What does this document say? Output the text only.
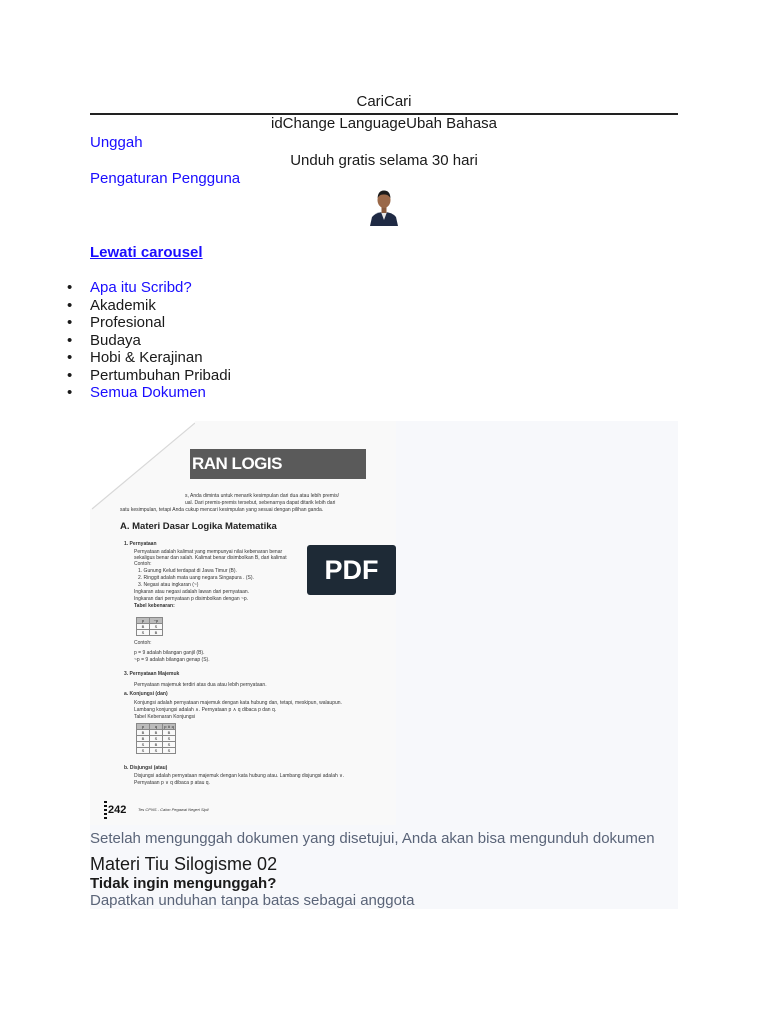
CariCari
idChange LanguageUbah Bahasa
Unggah
Unduh gratis selama 30 hari
Pengaturan Pengguna
Lewati carousel
• Apa itu Scribd?
• Akademik
• Profesional
• Budaya
• Hobi & Kerajinan
• Pertumbuhan Pribadi
• Semua Dokumen
RAN LOGIS
s, Anda diminta untuk menarik kesimpulan dari dua atau lebih premis/
ual. Dari premis-premis tersebut, sebenarnya dapat ditarik lebih dari
satu kesimpulan, tetapi Anda cukup mencari kesimpulan yang sesuai dengan pilihan ganda.
A. Materi Dasar Logika Matematika
1. Pernyataan
Pernyataan adalah kalimat yang mempunyai nilai kebenaran benar
sekaligus benar dan salah. Kalimat benar disimbolkan B, dari kalimat
Contoh:
1. Gunung Kelud terdapat di Jawa Timur (B).
2. Ringgit adalah mata uang negara Singapura . (S).
3. Negasi atau ingkaran (~)
Ingkaran atau negasi adalah lawan dari pernyataan.
Ingkaran dari pernyataan p disimbolkan dengan ~p.
Tabel kebenaran:
p	~p
B	S
S	B
Contoh:
p = 9 adalah bilangan ganjil (B).
~p = 9 adalah bilangan genap (S).
3. Pernyataan Majemuk
Pernyataan majemuk terdiri atas dua atau lebih pernyataan.
a. Konjungsi (dan)
Konjungsi adalah pernyataan majemuk dengan kata hubung dan, tetapi, meskipun, walaupun.
Lambang konjungsi adalah ∧. Pernyataan p ∧ q dibaca p dan q.
Tabel Kebenaran Konjungsi
p	q	p ∧ q
B	B	B
B	S	S
S	B	S
S	S	S
b. Disjungsi (atau)
Disjungsi adalah pernyataan majemuk dengan kata hubung atau. Lambang disjungsi adalah ∨.
Pernyataan p ∨ q dibaca p atau q.
242	Tes CPNS - Calon Pegawai Negeri Sipil
PDF
Setelah mengunggah dokumen yang disetujui, Anda akan bisa mengunduh dokumen
Materi Tiu Silogisme 02
Tidak ingin mengunggah?
Dapatkan unduhan tanpa batas sebagai anggota
